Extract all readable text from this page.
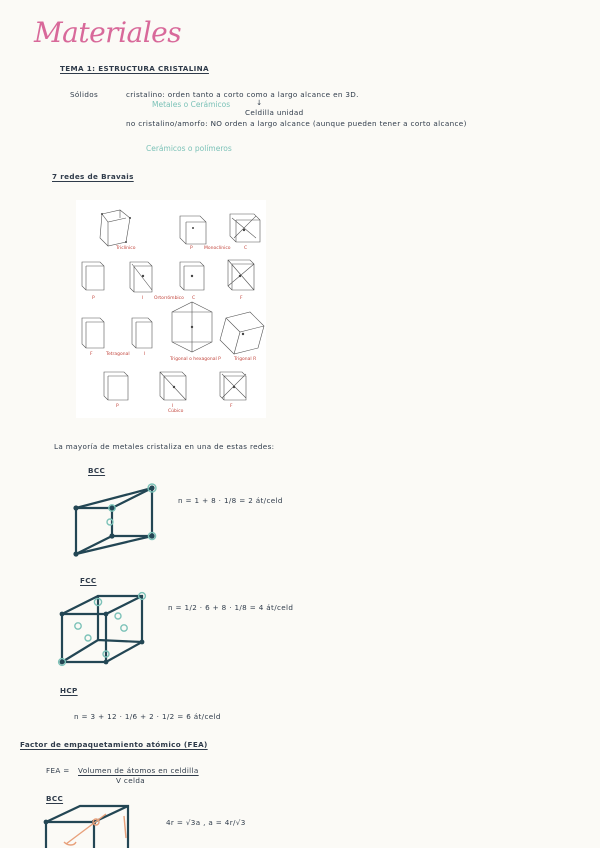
Materiales
TEMA 1: ESTRUCTURA CRISTALINA
Sólidos	cristalino: orden tanto a corto como a largo alcance en 3D.
Metales o Cerámicos	↓
Celdilla unidad
no cristalino/amorfo: NO orden a largo alcance (aunque pueden tener a corto alcance)
Cerámicos o polímeros
7 redes de Bravais
Triclínico	P	Monoclínico	C
P	I Ortorrómbico C	F
F	Tetragonal	I
Trigonal o hexagonal P	Trigonal R
P
Cúbico
I	F
La mayoría de metales cristaliza en una de estas redes:
BCC
n = 1 + 8 · 1/8 = 2 át/celd
FCC
n = 1/2 · 6 + 8 · 1/8 = 4 át/celd
HCP
n = 3 + 12 · 1/6 + 2 · 1/2 = 6 át/celd
Factor de empaquetamiento atómico (FEA)
FEA = Volumen de átomos en celdilla
V celda
BCC
4r = √3a , a = 4r/√3
